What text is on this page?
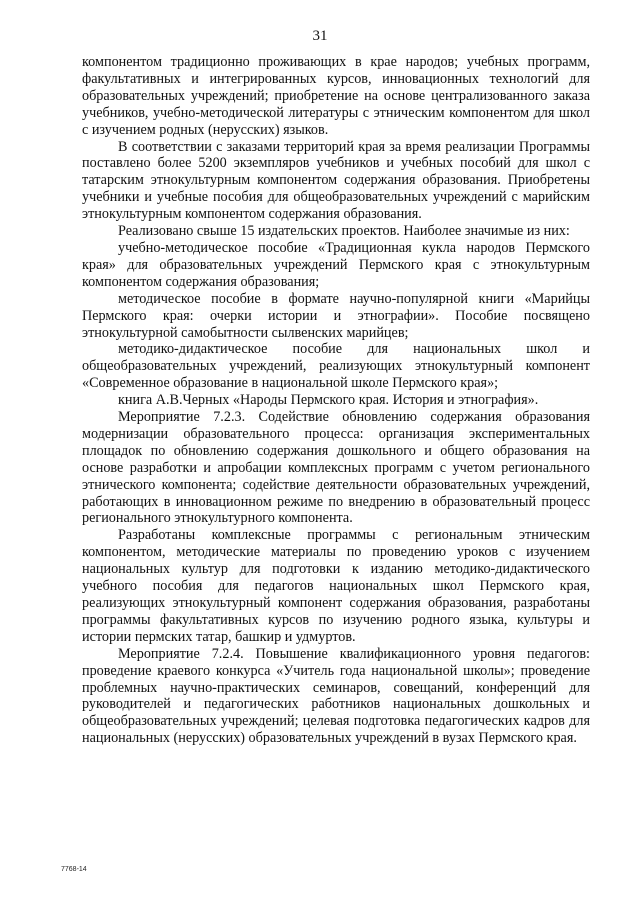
31

компонентом традиционно проживающих в крае народов; учебных программ, факультативных и интегрированных курсов, инновационных технологий для образовательных учреждений; приобретение на основе централизованного заказа учебников, учебно-методической литературы с этническим компонентом для школ с изучением родных (нерусских) языков.

В соответствии с заказами территорий края за время реализации Программы поставлено более 5200 экземпляров учебников и учебных пособий для школ с татарским этнокультурным компонентом содержания образования. Приобретены учебники и учебные пособия для общеобразовательных учреждений с марийским этнокультурным компонентом содержания образования.

Реализовано свыше 15 издательских проектов. Наиболее значимые из них:

учебно-методическое пособие «Традиционная кукла народов Пермского края» для образовательных учреждений Пермского края с этнокультурным компонентом содержания образования;

методическое пособие в формате научно-популярной книги «Марийцы Пермского края: очерки истории и этнографии». Пособие посвящено этнокультурной самобытности сылвенских марийцев;

методико-дидактическое пособие для национальных школ и общеобразовательных учреждений, реализующих этнокультурный компонент «Современное образование в национальной школе Пермского края»;

книга А.В.Черных «Народы Пермского края. История и этнография».

Мероприятие 7.2.3. Содействие обновлению содержания образования модернизации образовательного процесса: организация экспериментальных площадок по обновлению содержания дошкольного и общего образования на основе разработки и апробации комплексных программ с учетом регионального этнического компонента; содействие деятельности образовательных учреждений, работающих в инновационном режиме по внедрению в образовательный процесс регионального этнокультурного компонента.

Разработаны комплексные программы с региональным этническим компонентом, методические материалы по проведению уроков с изучением национальных культур для подготовки к изданию методико-дидактического учебного пособия для педагогов национальных школ Пермского края, реализующих этнокультурный компонент содержания образования, разработаны программы факультативных курсов по изучению родного языка, культуры и истории пермских татар, башкир и удмуртов.

Мероприятие 7.2.4. Повышение квалификационного уровня педагогов: проведение краевого конкурса «Учитель года национальной школы»; проведение проблемных научно-практических семинаров, совещаний, конференций для руководителей и педагогических работников национальных дошкольных и общеобразовательных учреждений; целевая подготовка педагогических кадров для национальных (нерусских) образовательных учреждений в вузах Пермского края.

7768-14
